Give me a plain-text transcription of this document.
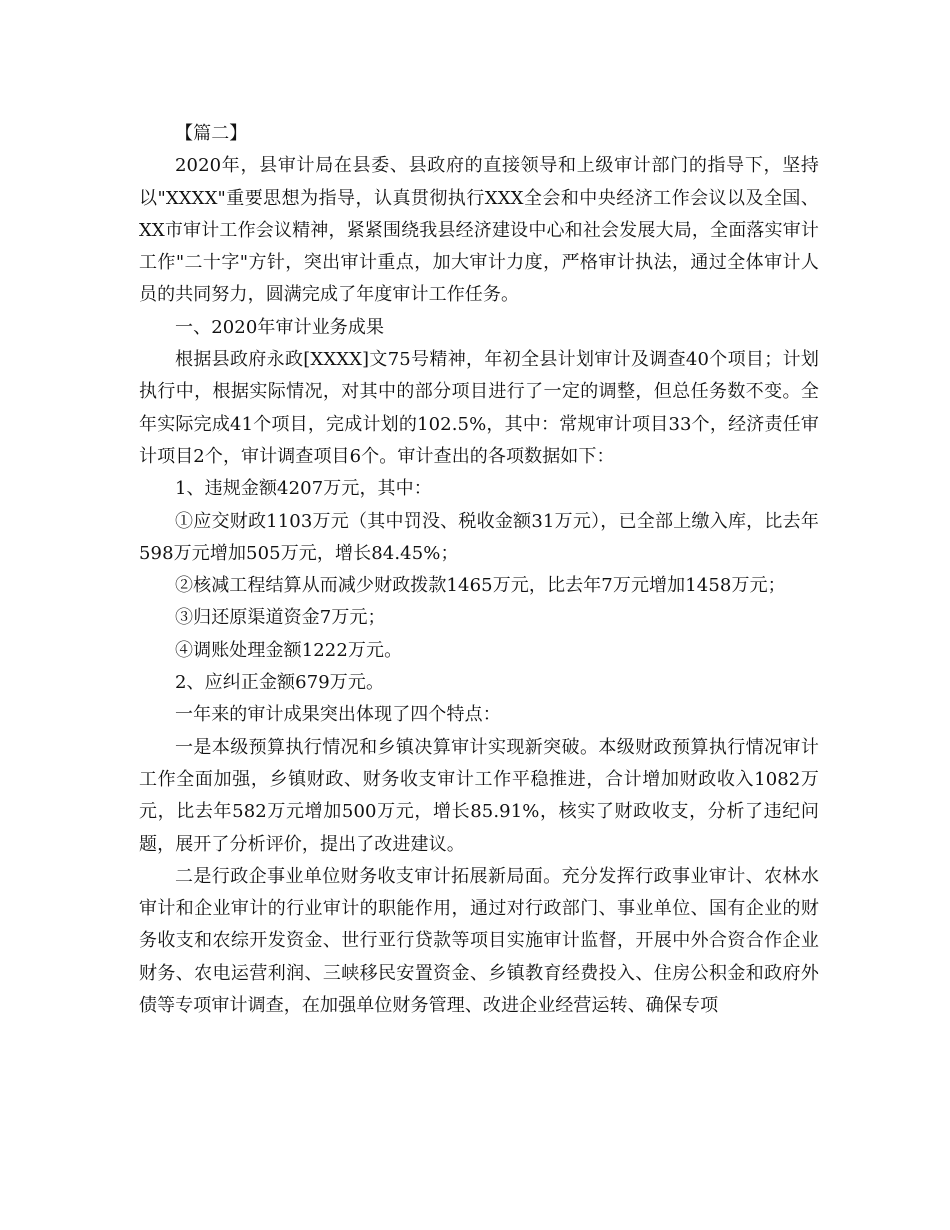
【篇二】

2020年，县审计局在县委、县政府的直接领导和上级审计部门的指导下，坚持以"XXXX"重要思想为指导，认真贯彻执行XXX全会和中央经济工作会议以及全国、XX市审计工作会议精神，紧紧围绕我县经济建设中心和社会发展大局，全面落实审计工作"二十字"方针，突出审计重点，加大审计力度，严格审计执法，通过全体审计人员的共同努力，圆满完成了年度审计工作任务。

一、2020年审计业务成果

根据县政府永政[XXXX]文75号精神，年初全县计划审计及调查40个项目；计划执行中，根据实际情况，对其中的部分项目进行了一定的调整，但总任务数不变。全年实际完成41个项目，完成计划的102.5%，其中：常规审计项目33个，经济责任审计项目2个，审计调查项目6个。审计查出的各项数据如下：

1、违规金额4207万元，其中：

①应交财政1103万元（其中罚没、税收金额31万元），已全部上缴入库，比去年598万元增加505万元，增长84.45%；

②核减工程结算从而减少财政拨款1465万元，比去年7万元增加1458万元；

③归还原渠道资金7万元；

④调账处理金额1222万元。

2、应纠正金额679万元。

一年来的审计成果突出体现了四个特点：

一是本级预算执行情况和乡镇决算审计实现新突破。本级财政预算执行情况审计工作全面加强，乡镇财政、财务收支审计工作平稳推进，合计增加财政收入1082万元，比去年582万元增加500万元，增长85.91%，核实了财政收支，分析了违纪问题，展开了分析评价，提出了改进建议。

二是行政企事业单位财务收支审计拓展新局面。充分发挥行政事业审计、农林水审计和企业审计的行业审计的职能作用，通过对行政部门、事业单位、国有企业的财务收支和农综开发资金、世行亚行贷款等项目实施审计监督，开展中外合资合作企业财务、农电运营利润、三峡移民安置资金、乡镇教育经费投入、住房公积金和政府外债等专项审计调查，在加强单位财务管理、改进企业经营运转、确保专项
